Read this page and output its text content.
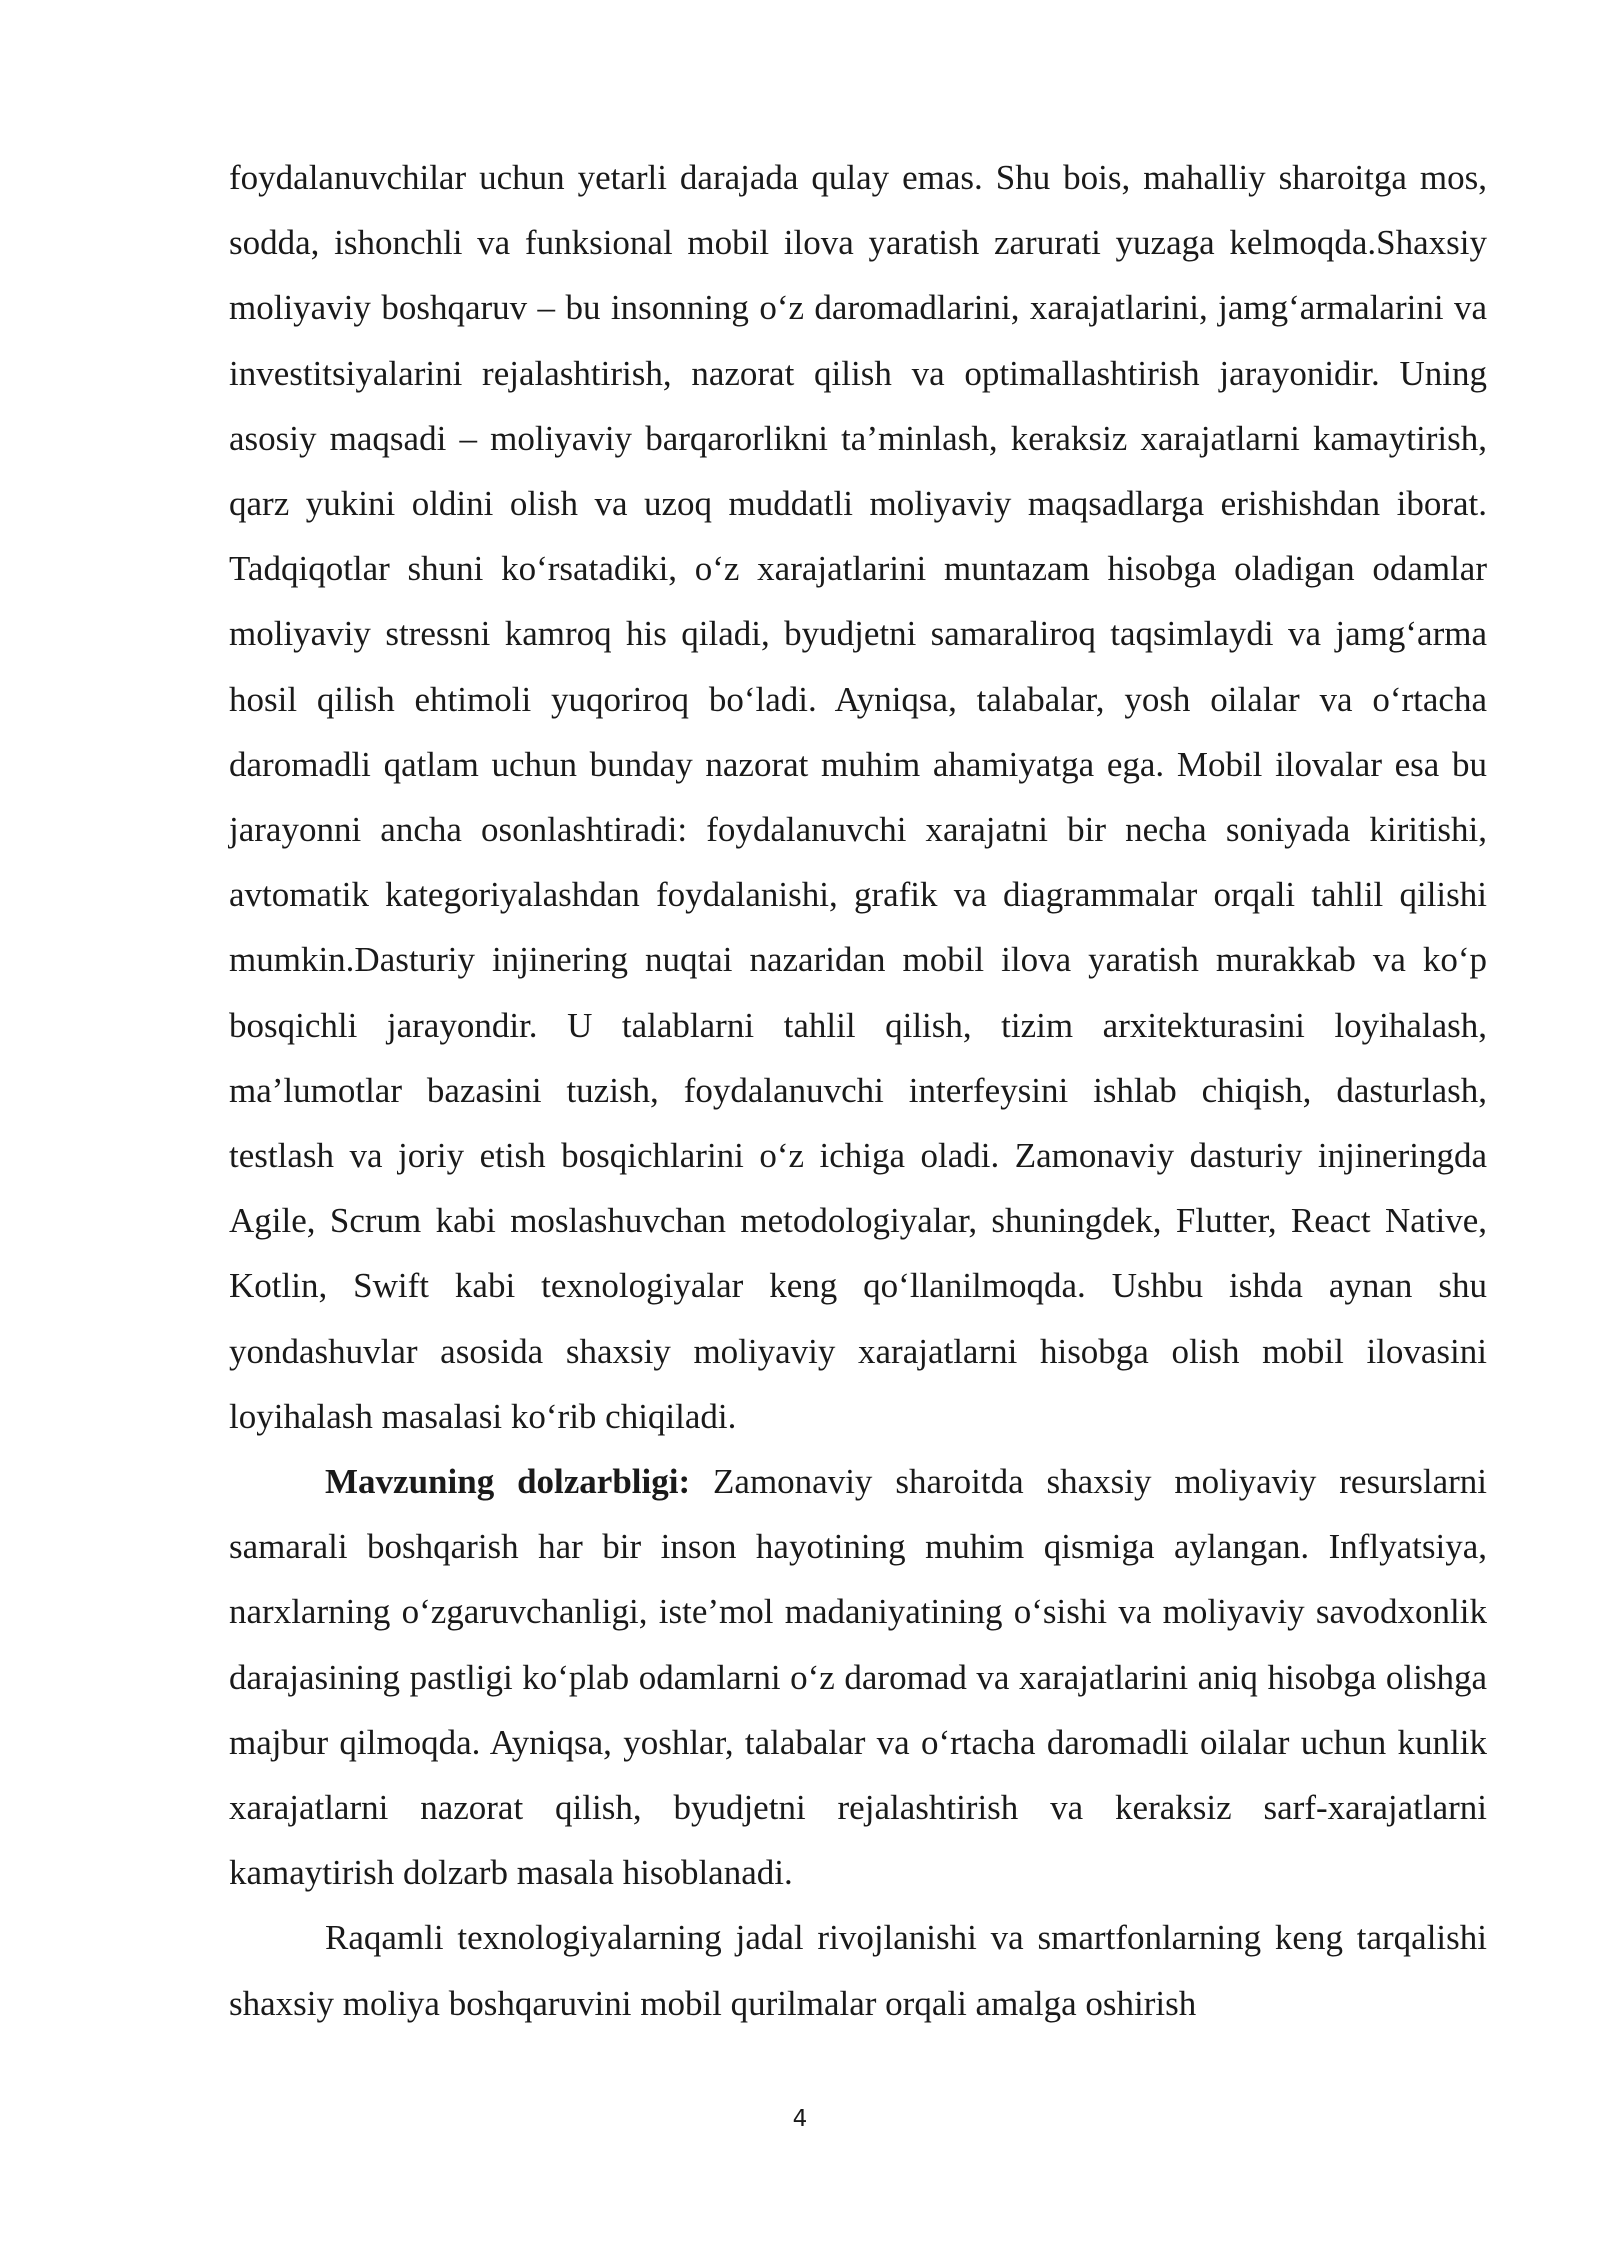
foydalanuvchilar uchun yetarli darajada qulay emas. Shu bois, mahalliy sharoitga mos, sodda, ishonchli va funksional mobil ilova yaratish zarurati yuzaga kelmoqda.Shaxsiy moliyaviy boshqaruv – bu insonning o‘z daromadlarini, xarajatlarini, jamg‘armalarini va investitsiyalarini rejalashtirish, nazorat qilish va optimallashtirish jarayonidir. Uning asosiy maqsadi – moliyaviy barqarorlikni ta’minlash, keraksiz xarajatlarni kamaytirish, qarz yukini oldini olish va uzoq muddatli moliyaviy maqsadlarga erishishdan iborat. Tadqiqotlar shuni ko‘rsatadiki, o‘z xarajatlarini muntazam hisobga oladigan odamlar moliyaviy stressni kamroq his qiladi, byudjetni samaraliroq taqsimlaydi va jamg‘arma hosil qilish ehtimoli yuqoriroq bo‘ladi. Ayniqsa, talabalar, yosh oilalar va o‘rtacha daromadli qatlam uchun bunday nazorat muhim ahamiyatga ega. Mobil ilovalar esa bu jarayonni ancha osonlashtiradi: foydalanuvchi xarajatni bir necha soniyada kiritishi, avtomatik kategoriyalashdan foydalanishi, grafik va diagrammalar orqali tahlil qilishi mumkin.Dasturiy injinering nuqtai nazaridan mobil ilova yaratish murakkab va ko‘p bosqichli jarayondir. U talablarni tahlil qilish, tizim arxitekturasini loyihalash, ma’lumotlar bazasini tuzish, foydalanuvchi interfeysini ishlab chiqish, dasturlash, testlash va joriy etish bosqichlarini o‘z ichiga oladi. Zamonaviy dasturiy injineringda Agile, Scrum kabi moslashuvchan metodologiyalar, shuningdek, Flutter, React Native, Kotlin, Swift kabi texnologiyalar keng qo‘llanilmoqda. Ushbu ishda aynan shu yondashuvlar asosida shaxsiy moliyaviy xarajatlarni hisobga olish mobil ilovasini loyihalash masalasi ko‘rib chiqiladi.

Mavzuning dolzarbligi: Zamonaviy sharoitda shaxsiy moliyaviy resurslarni samarali boshqarish har bir inson hayotining muhim qismiga aylangan. Inflyatsiya, narxlarning o‘zgaruvchanligi, iste’mol madaniyatining o‘sishi va moliyaviy savodxonlik darajasining pastligi ko‘plab odamlarni o‘z daromad va xarajatlarini aniq hisobga olishga majbur qilmoqda. Ayniqsa, yoshlar, talabalar va o‘rtacha daromadli oilalar uchun kunlik xarajatlarni nazorat qilish, byudjetni rejalashtirish va keraksiz sarf-xarajatlarni kamaytirish dolzarb masala hisoblanadi.

Raqamli texnologiyalarning jadal rivojlanishi va smartfonlarning keng tarqalishi shaxsiy moliya boshqaruvini mobil qurilmalar orqali amalga oshirish

4
